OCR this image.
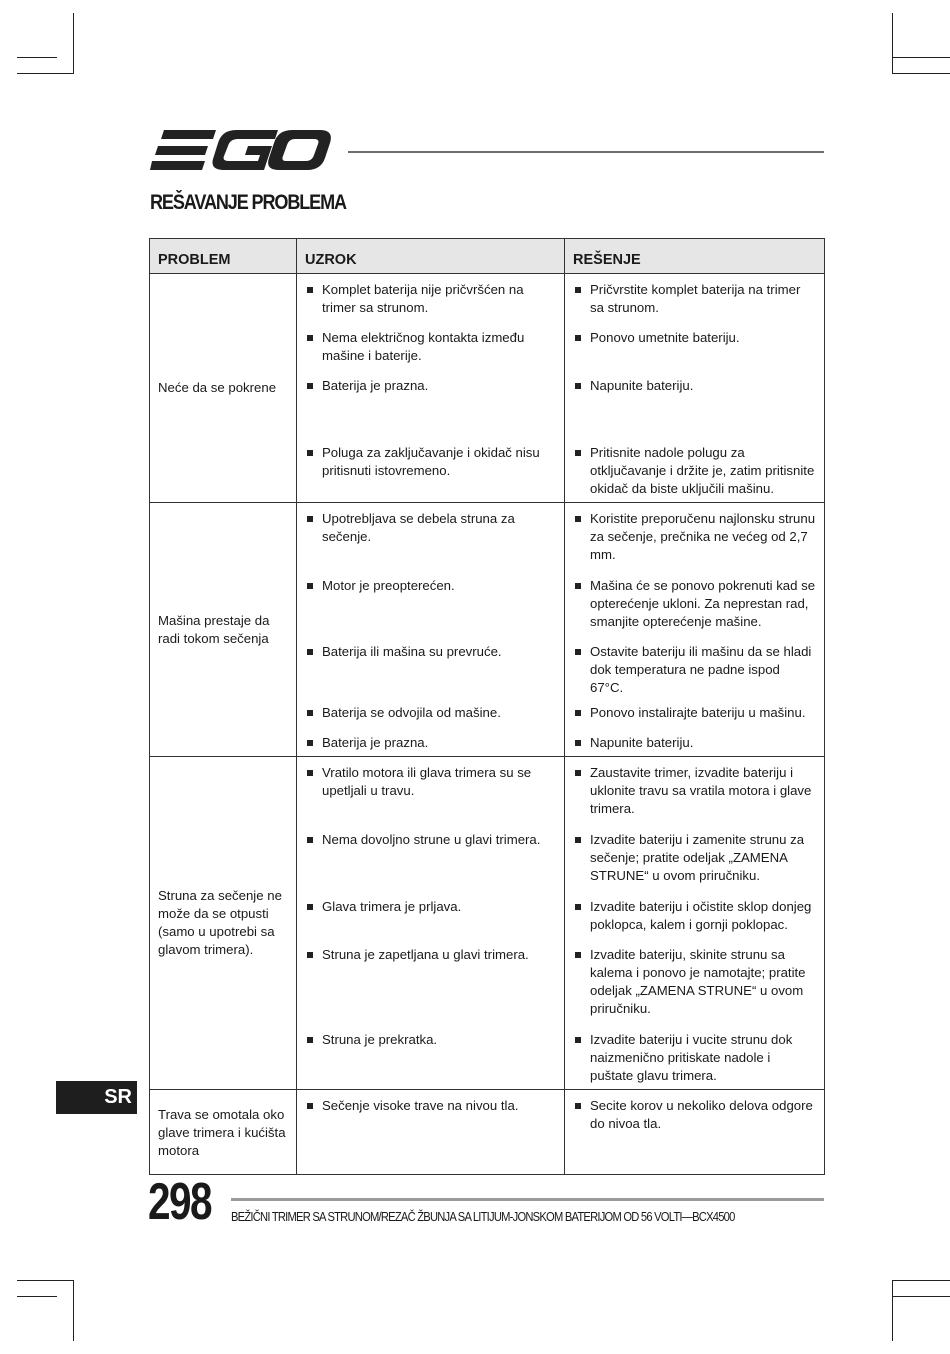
REŠAVANJE PROBLEMA
PROBLEM	UZROK	REŠENJE
Neće da se pokrene	Komplet baterija nije pričvršćen na trimer sa strunom.	Pričvrstite komplet baterija na trimer sa strunom.

	Nema električnog kontakta između mašine i baterije.	Ponovo umetnite bateriju.

	Baterija je prazna.	Napunite bateriju.

	Poluga za zaključavanje i okidač nisu pritisnuti istovremeno.	Pritisnite nadole polugu za otključavanje i držite je, zatim pritisnite okidač da biste uključili mašinu.

Mašina prestaje da radi tokom sečenja	Upotrebljava se debela struna za sečenje.	Koristite preporučenu najlonsku strunu za sečenje, prečnika ne većeg od 2,7 mm.

	Motor je preopterećen.	Mašina će se ponovo pokrenuti kad se opterećenje ukloni. Za neprestan rad, smanjite opterećenje mašine.

	Baterija ili mašina su prevruće.	Ostavite bateriju ili mašinu da se hladi dok temperatura ne padne ispod 67°C.

	Baterija se odvojila od mašine.	Ponovo instalirajte bateriju u mašinu.

	Baterija je prazna.	Napunite bateriju.

Struna za sečenje ne može da se otpusti (samo u upotrebi sa glavom trimera).	Vratilo motora ili glava trimera su se upetljali u travu.	Zaustavite trimer, izvadite bateriju i uklonite travu sa vratila motora i glave trimera.

	Nema dovoljno strune u glavi trimera.	Izvadite bateriju i zamenite strunu za sečenje; pratite odeljak „ZAMENA STRUNE“ u ovom priručniku.

	Glava trimera je prljava.	Izvadite bateriju i očistite sklop donjeg poklopca, kalem i gornji poklopac.

	Struna je zapetljana u glavi trimera.	Izvadite bateriju, skinite strunu sa kalema i ponovo je namotajte; pratite odeljak „ZAMENA STRUNE“ u ovom priručniku.

	Struna je prekratka.	Izvadite bateriju i vucite strunu dok naizmenično pritiskate nadole i puštate glavu trimera.

Trava se omotala oko glave trimera i kućišta motora	Sečenje visoke trave na nivou tla.	Secite korov u nekoliko delova odgore do nivoa tla.
SR
298 BEŽIČNI TRIMER SA STRUNOM/REZAČ ŽBUNJA SA LITIJUM-JONSKOM BATERIJOM OD 56 VOLTI—BCX4500
